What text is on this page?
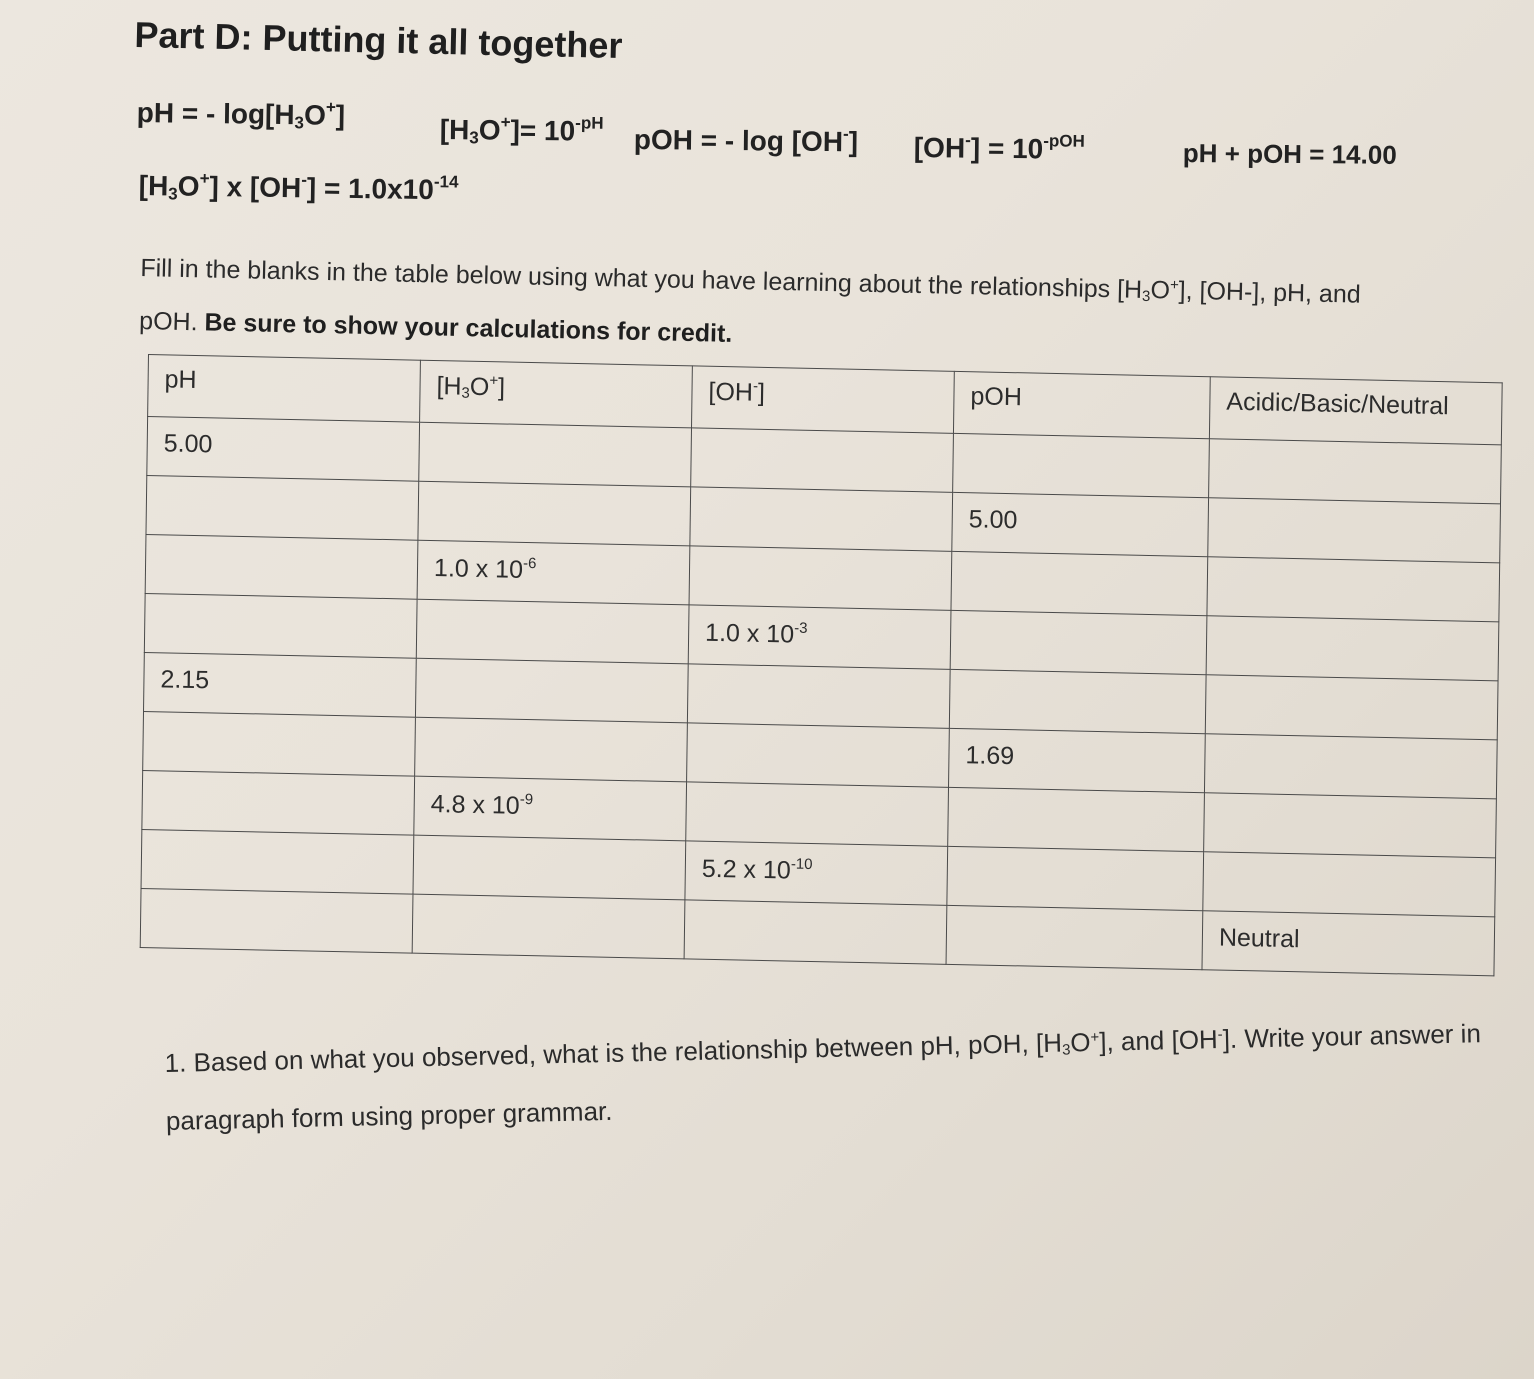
Part D: Putting it all together
pH = - $\log[H_3O^+]$	$[H_3O^+]= 10^{-pH}$
pOH = - log [OH-] $[OH^-] = 10^{-pOH}$	pH + pOH = 14.00
$[H_3O^+]$ x $[OH^-] = 1.0x10^{-14}$
Fill in the blanks in the table below using what you have learning about the relationships $[H_3O^+]$, [OH-], pH, and pOH. Be sure to show your calculations for credit.
pH	$[H_3O^+]$	[OH-]	pOH	Acidic/Basic/Neutral
5.00				
			5.00	
	1.0 x $10^{-6}$			
		1.0 x $10^{-3}$		
2.15				
			1.69	
	4.8 x $10^{-9}$			
		5.2 x $10^{-10}$		
				Neutral
1. Based on what you observed, what is the relationship between pH, pOH, $[H_3O^+]$, and [OH-]. Write your answer in paragraph form using proper grammar.
